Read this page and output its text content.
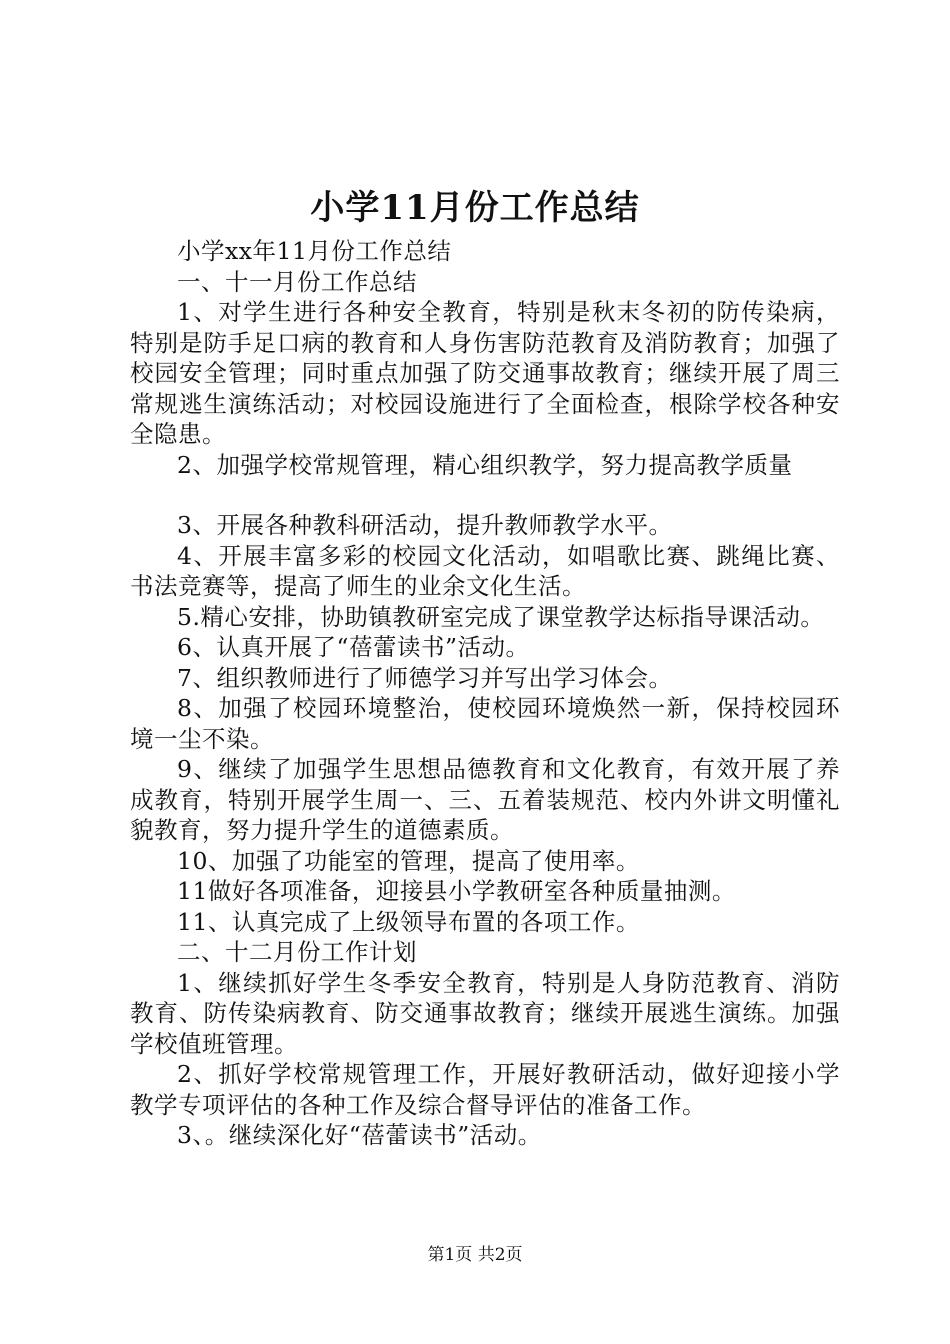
小学11月份工作总结

小学xx年11月份工作总结

一、十一月份工作总结

1、对学生进行各种安全教育，特别是秋末冬初的防传染病，特别是防手足口病的教育和人身伤害防范教育及消防教育；加强了校园安全管理；同时重点加强了防交通事故教育；继续开展了周三常规逃生演练活动；对校园设施进行了全面检查，根除学校各种安全隐患。

2、加强学校常规管理，精心组织教学，努力提高教学质量

3、开展各种教科研活动，提升教师教学水平。

4、开展丰富多彩的校园文化活动，如唱歌比赛、跳绳比赛、书法竞赛等，提高了师生的业余文化生活。

5.精心安排，协助镇教研室完成了课堂教学达标指导课活动。

6、认真开展了“蓓蕾读书”活动。

7、组织教师进行了师德学习并写出学习体会。

8、加强了校园环境整治，使校园环境焕然一新，保持校园环境一尘不染。

9、继续了加强学生思想品德教育和文化教育，有效开展了养成教育，特别开展学生周一、三、五着装规范、校内外讲文明懂礼貌教育，努力提升学生的道德素质。

10、加强了功能室的管理，提高了使用率。

11做好各项准备，迎接县小学教研室各种质量抽测。

11、认真完成了上级领导布置的各项工作。

二、十二月份工作计划

1、继续抓好学生冬季安全教育，特别是人身防范教育、消防教育、防传染病教育、防交通事故教育；继续开展逃生演练。加强学校值班管理。

2、抓好学校常规管理工作，开展好教研活动，做好迎接小学教学专项评估的各种工作及综合督导评估的准备工作。

3、。继续深化好“蓓蕾读书”活动。

第1页 共2页
